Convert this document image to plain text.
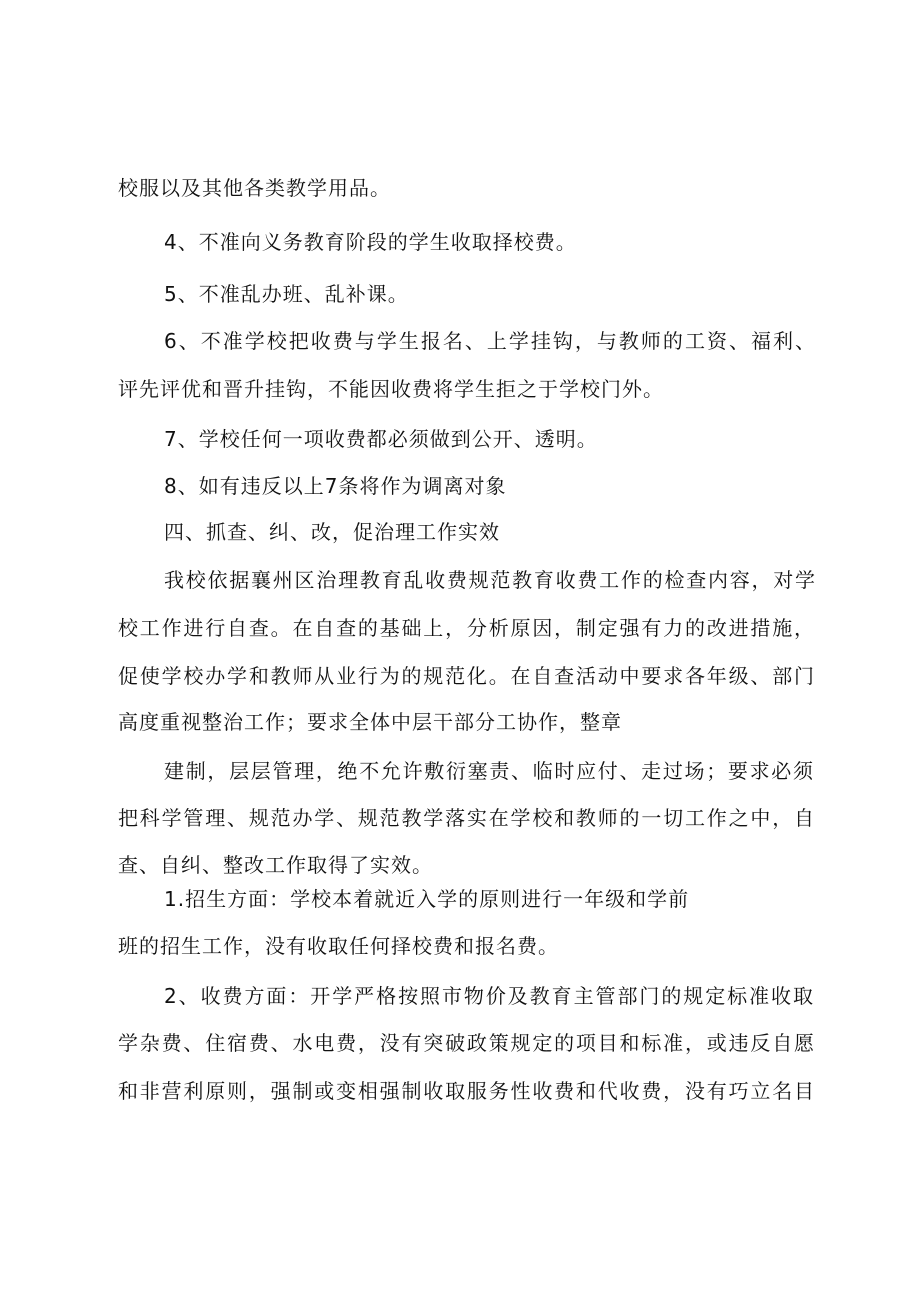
校服以及其他各类教学用品。
4、不准向义务教育阶段的学生收取择校费。
5、不准乱办班、乱补课。
6、不准学校把收费与学生报名、上学挂钩，与教师的工资、福利、
评先评优和晋升挂钩，不能因收费将学生拒之于学校门外。
7、学校任何一项收费都必须做到公开、透明。
8、如有违反以上7条将作为调离对象
四、抓查、纠、改，促治理工作实效
我校依据襄州区治理教育乱收费规范教育收费工作的检查内容，对学
校工作进行自查。在自查的基础上，分析原因，制定强有力的改进措施，
促使学校办学和教师从业行为的规范化。在自查活动中要求各年级、部门
高度重视整治工作；要求全体中层干部分工协作，整章
建制，层层管理，绝不允许敷衍塞责、临时应付、走过场；要求必须
把科学管理、规范办学、规范教学落实在学校和教师的一切工作之中，自
查、自纠、整改工作取得了实效。
1.招生方面：学校本着就近入学的原则进行一年级和学前
班的招生工作，没有收取任何择校费和报名费。
2、收费方面：开学严格按照市物价及教育主管部门的规定标准收取
学杂费、住宿费、水电费，没有突破政策规定的项目和标准，或违反自愿
和非营利原则，强制或变相强制收取服务性收费和代收费，没有巧立名目
